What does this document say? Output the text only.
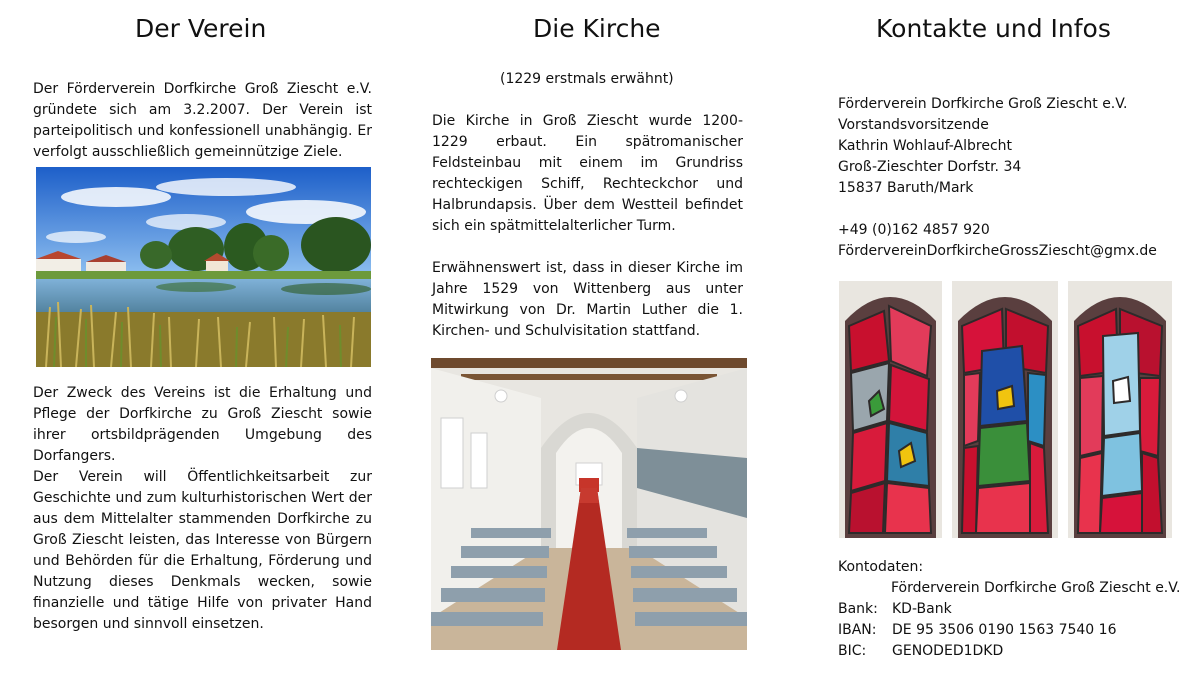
Der Verein

Der Förderverein Dorfkirche Groß Ziescht e.V. gründete sich am 3.2.2007. Der Verein ist parteipolitisch und konfessionell unabhängig. Er verfolgt ausschließlich gemeinnützige Ziele.

Der Zweck des Vereins ist die Erhaltung und Pflege der Dorfkirche zu Groß Ziescht sowie ihrer ortsbildprägenden Umgebung des Dorfangers.

Der Verein will Öffentlichkeitsarbeit zur Geschichte und zum kulturhistorischen Wert der aus dem Mittelalter stammenden Dorfkirche zu Groß Ziescht leisten, das Interesse von Bürgern und Behörden für die Erhaltung, Förderung und Nutzung dieses Denkmals wecken, sowie finanzielle und tätige Hilfe von privater Hand besorgen und sinnvoll einsetzen.

Die Kirche
(1229 erstmals erwähnt)

Die Kirche in Groß Ziescht wurde 1200-1229 erbaut. Ein spätromanischer Feldsteinbau mit einem im Grundriss rechteckigen Schiff, Rechteckchor und Halbrundapsis. Über dem Westteil befindet sich ein spätmittelalterlicher Turm.

Erwähnenswert ist, dass in dieser Kirche im Jahre 1529 von Wittenberg aus unter Mitwirkung von Dr. Martin Luther die 1. Kirchen- und Schulvisitation stattfand.

Kontakte und Infos
Förderverein Dorfkirche Groß Ziescht e.V.
Vorstandsvorsitzende
Kathrin Wohlauf-Albrecht
Groß-Zieschter Dorfstr. 34
15837 Baruth/Mark
+49 (0)162 4857 920
FördervereinDorfkircheGrossZiescht@gmx.de
Kontodaten:
Förderverein Dorfkirche Groß Ziescht e.V.
Bank: KD-Bank
IBAN: DE 95 3506 0190 1563 7540 16
BIC: GENODED1DKD
